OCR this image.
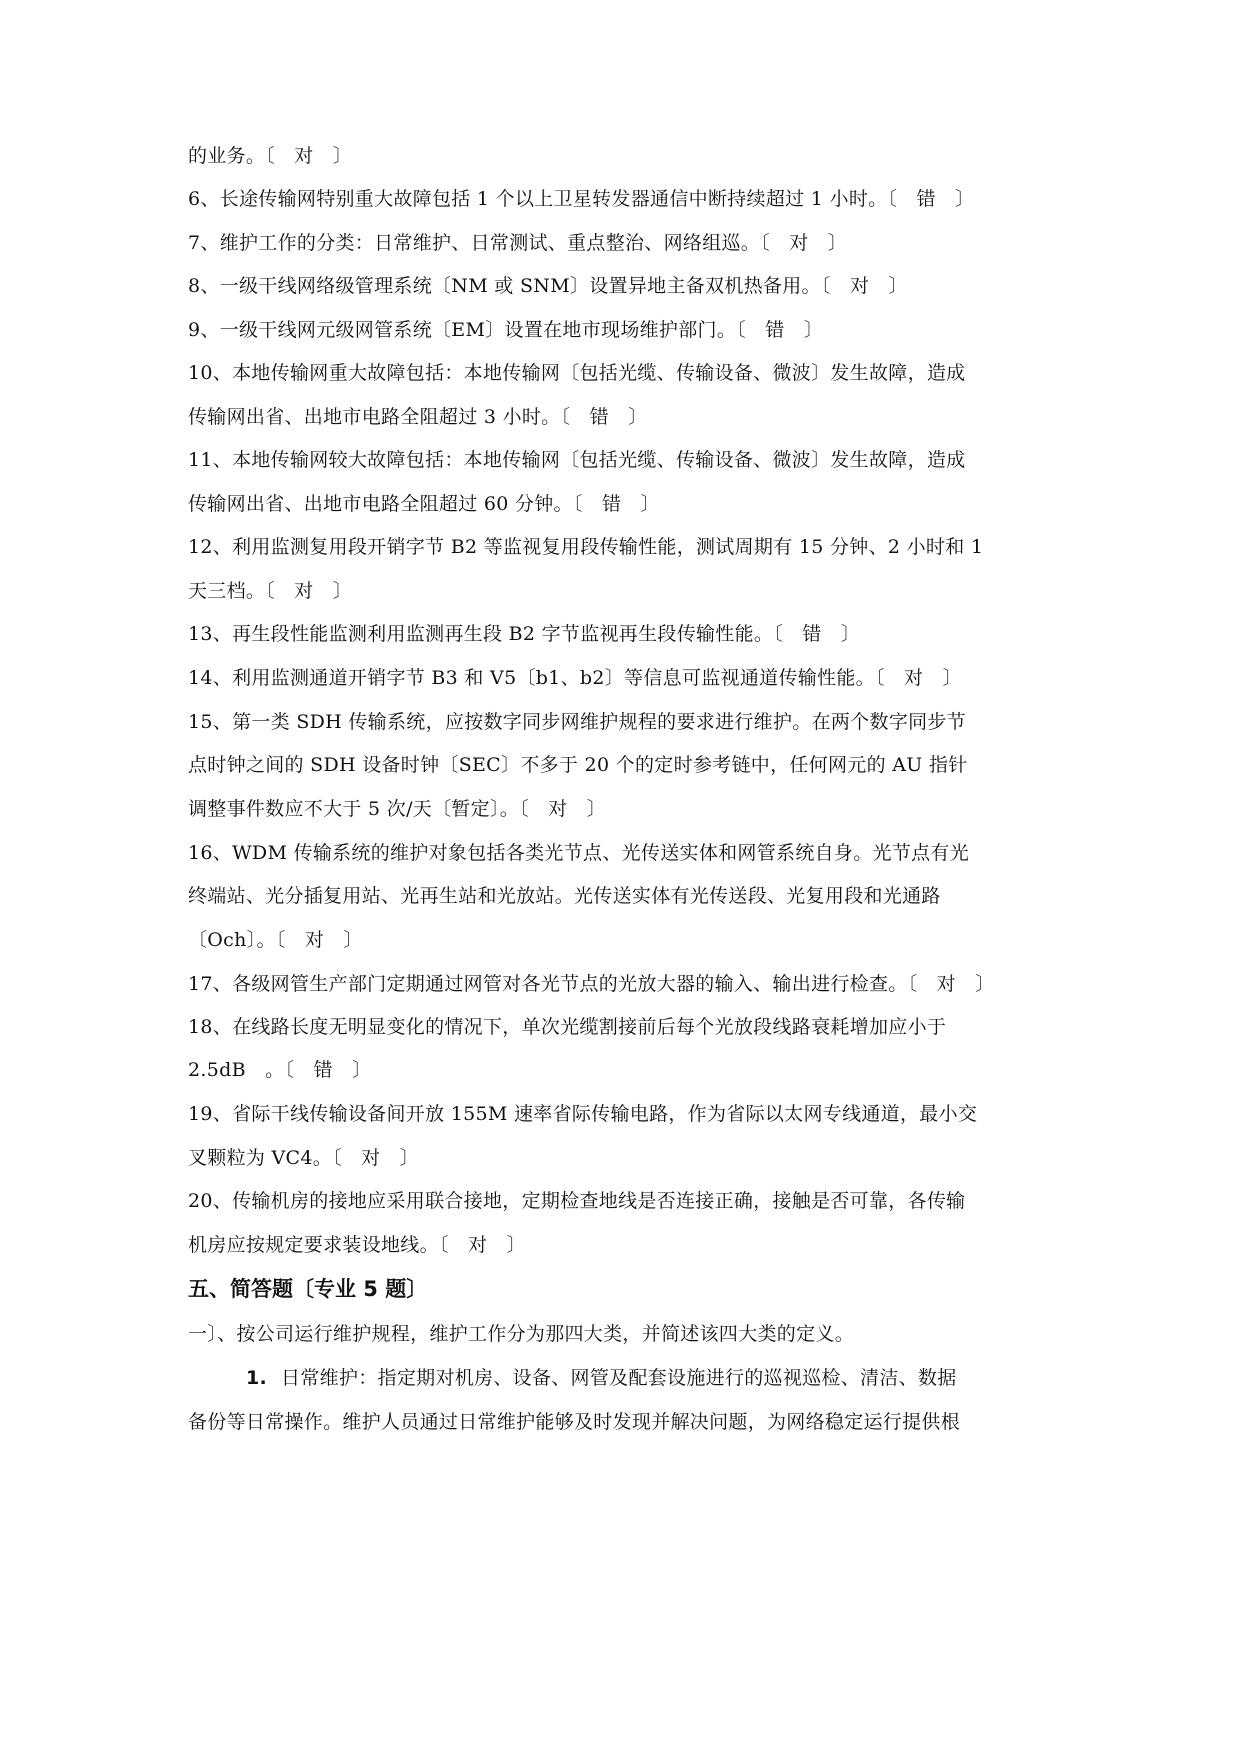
的业务。〔　对　〕
6、长途传输网特别重大故障包括 1 个以上卫星转发器通信中断持续超过 1 小时。〔　错　〕
7、维护工作的分类：日常维护、日常测试、重点整治、网络组巡。〔　对　〕
8、一级干线网络级管理系统〔NM 或 SNM〕设置异地主备双机热备用。〔　对　〕
9、一级干线网元级网管系统〔EM〕设置在地市现场维护部门。〔　错　〕
10、本地传输网重大故障包括：本地传输网〔包括光缆、传输设备、微波〕发生故障，造成
传输网出省、出地市电路全阻超过 3 小时。〔　错　〕
11、本地传输网较大故障包括：本地传输网〔包括光缆、传输设备、微波〕发生故障，造成
传输网出省、出地市电路全阻超过 60 分钟。〔　错　〕
12、利用监测复用段开销字节 B2 等监视复用段传输性能，测试周期有 15 分钟、2 小时和 1
天三档。〔　对　〕
13、再生段性能监测利用监测再生段 B2 字节监视再生段传输性能。〔　错　〕
14、利用监测通道开销字节 B3 和 V5〔b1、b2〕等信息可监视通道传输性能。〔　对　〕
15、第一类 SDH 传输系统，应按数字同步网维护规程的要求进行维护。在两个数字同步节
点时钟之间的 SDH 设备时钟〔SEC〕不多于 20 个的定时参考链中，任何网元的 AU 指针
调整事件数应不大于 5 次/天〔暂定〕。〔　对　〕
16、WDM 传输系统的维护对象包括各类光节点、光传送实体和网管系统自身。光节点有光
终端站、光分插复用站、光再生站和光放站。光传送实体有光传送段、光复用段和光通路
〔Och〕。〔　对　〕
17、各级网管生产部门定期通过网管对各光节点的光放大器的输入、输出进行检查。〔　对　〕
18、在线路长度无明显变化的情况下，单次光缆割接前后每个光放段线路衰耗增加应小于
2.5dB　。〔　错　〕
19、省际干线传输设备间开放 155M 速率省际传输电路，作为省际以太网专线通道，最小交
叉颗粒为 VC4。〔　对　〕
20、传输机房的接地应采用联合接地，定期检查地线是否连接正确，接触是否可靠，各传输
机房应按规定要求装设地线。〔　对　〕
五、简答题〔专业 5 题〕
一〕、按公司运行维护规程，维护工作分为那四大类，并简述该四大类的定义。
1. 日常维护：指定期对机房、设备、网管及配套设施进行的巡视巡检、清洁、数据
备份等日常操作。维护人员通过日常维护能够及时发现并解决问题，为网络稳定运行提供根
